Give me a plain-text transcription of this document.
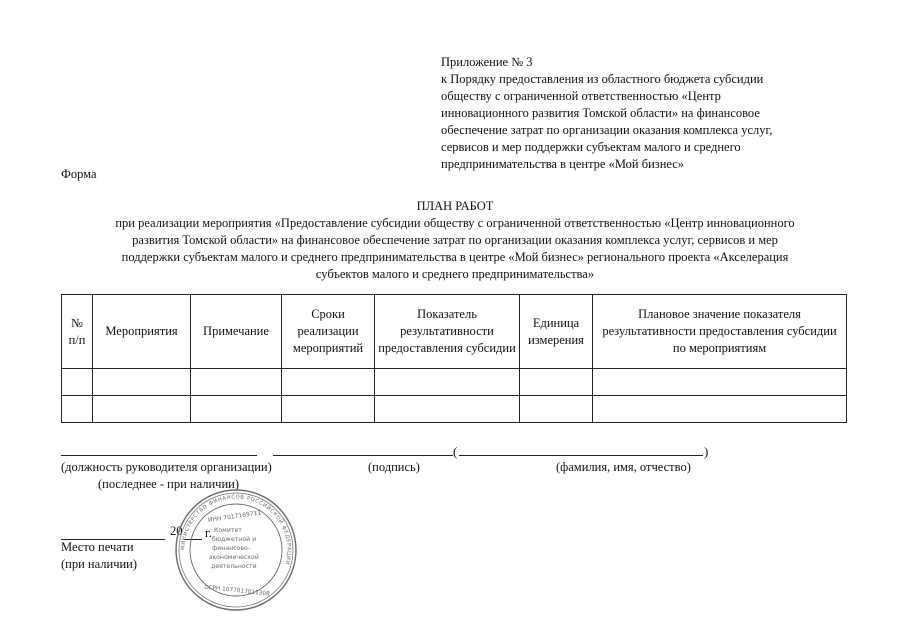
Приложение № 3
к Порядку предоставления из областного бюджета субсидии
обществу с ограниченной ответственностью «Центр
инновационного развития Томской области» на финансовое
обеспечение затрат по организации оказания комплекса услуг,
сервисов и мер поддержки субъектам малого и среднего
предпринимательства в центре «Мой бизнес»
Форма
ПЛАН РАБОТ
при реализации мероприятия «Предоставление субсидии обществу с ограниченной ответственностью «Центр инновационного
развития Томской области» на финансовое обеспечение затрат по организации оказания комплекса услуг, сервисов и мер
поддержки субъектам малого и среднего предпринимательства в центре «Мой бизнес» регионального проекта «Акселерация
субъектов малого и среднего предпринимательства»
№ п/п	Мероприятия	Примечание	Сроки реализации мероприятий	Показатель результативности предоставления субсидии	Единица измерения	Плановое значение показателя результативности предоставления субсидии по мероприятиям

(	)
(должность руководителя организации)	(подпись)	(фамилия, имя, отчество)
(последнее - при наличии)
20 г.
Место печати
(при наличии)
МИНИСТЕРСТВО ФИНАНСОВ РОССИЙСКОЙ ФЕДЕРАЦИИ
ИНН 7017169711
ОГРН 1077017011308
Комитет
бюджетной и
финансово-
экономической
деятельности
